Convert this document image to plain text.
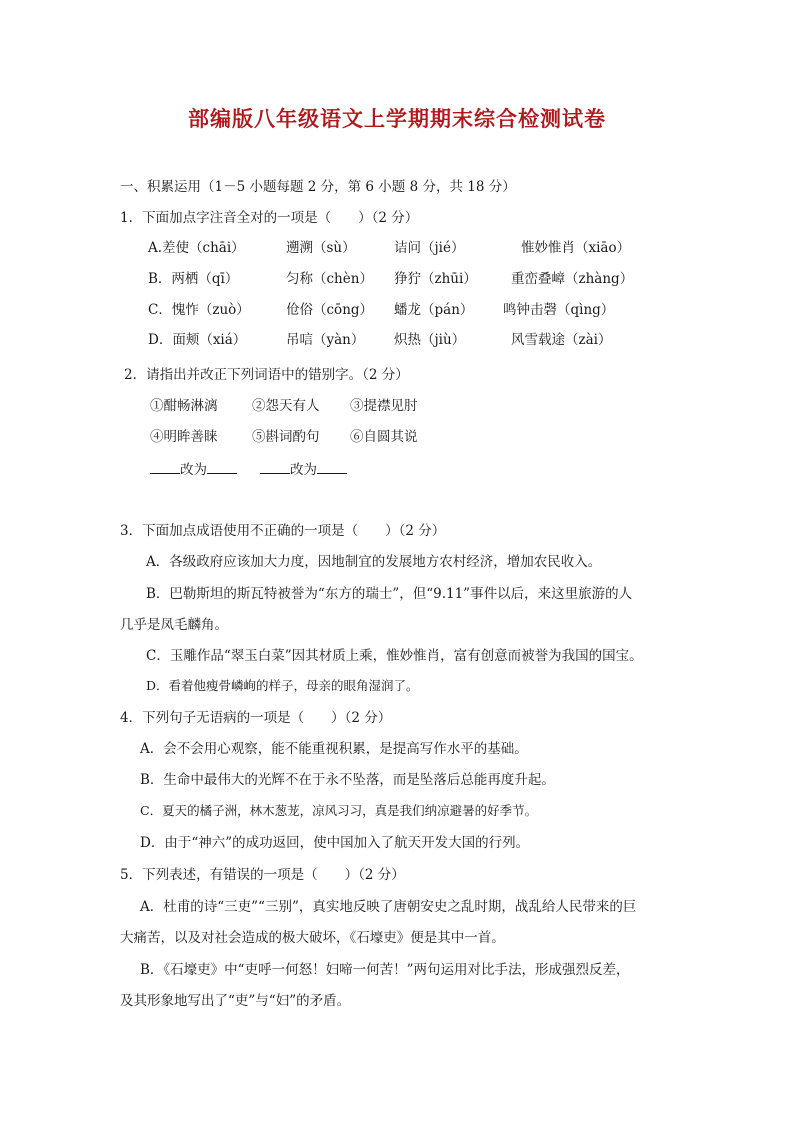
部编版八年级语文上学期期末综合检测试卷
一、积累运用（1－5 小题每题 2 分，第 6 小题 8 分，共 18 分）
1．下面加点字注音全对的一项是（　　）（2 分）
A.差使（chāi）	遡溯（sù）	诘问（jié）	惟妙惟肖（xiāo）
B．两栖（qī）	匀称（chèn） 狰狞（zhūi）	重峦叠嶂（zhàng）
C．愧怍（zuò）	伧俗（cōng） 蟠龙（pán） 鸣钟击磬（qìng）
D．面颊（xiá）	吊唁（yàn） 炽热（jiù）	风雪载途（zài）
2．请指出并改正下列词语中的错别字。（2 分）
①酣畅淋漓	②怨天有人 ③提襟见肘
④明眸善睐	⑤斟词酌句 ⑥自圆其说
改为	改为
3．下面加点成语使用不正确的一项是（　　）（2 分）
A．各级政府应该加大力度，因地制宜的发展地方农村经济，增加农民收入。
B．巴勒斯坦的斯瓦特被誉为“东方的瑞士”，但“9.11”事件以后，来这里旅游的人
几乎是凤毛麟角。
C．玉雕作品“翠玉白菜”因其材质上乘，惟妙惟肖，富有创意而被誉为我国的国宝。
D．看着他瘦骨嶙峋的样子，母亲的眼角湿润了。
4．下列句子无语病的一项是（　　）（2 分）
A．会不会用心观察，能不能重视积累，是提高写作水平的基础。
B．生命中最伟大的光辉不在于永不坠落，而是坠落后总能再度升起。
C．夏天的橘子洲，林木葱茏，凉风习习，真是我们纳凉避暑的好季节。
D．由于“神六”的成功返回，使中国加入了航天开发大国的行列。
5．下列表述，有错误的一项是（　　）（2 分）
A．杜甫的诗“三吏”“三别”，真实地反映了唐朝安史之乱时期，战乱给人民带来的巨
大痛苦，以及对社会造成的极大破坏，《石壕吏》便是其中一首。
B．《石壕吏》中“吏呼一何怒！妇啼一何苦！”两句运用对比手法，形成强烈反差，
及其形象地写出了“吏”与“妇”的矛盾。
